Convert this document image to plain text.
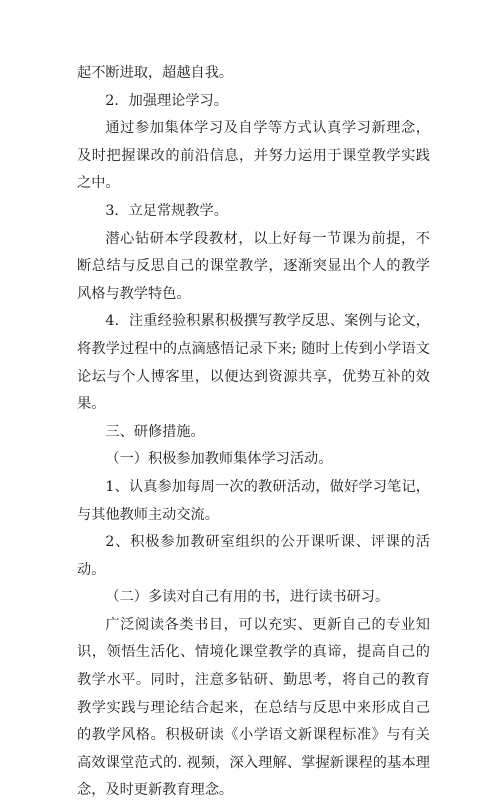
起不断进取，超越自我。

2．加强理论学习。

通过参加集体学习及自学等方式认真学习新理念，及时把握课改的前沿信息，并努力运用于课堂教学实践之中。

3．立足常规教学。

潜心钻研本学段教材，以上好每一节课为前提，不断总结与反思自己的课堂教学，逐渐突显出个人的教学风格与教学特色。

4．注重经验积累积极撰写教学反思、案例与论文，将教学过程中的点滴感悟记录下来; 随时上传到小学语文论坛与个人博客里，以便达到资源共享，优势互补的效果。

三、研修措施。

（一）积极参加教师集体学习活动。

1、认真参加每周一次的教研活动，做好学习笔记，与其他教师主动交流。

2、积极参加教研室组织的公开课听课、评课的活动。

（二）多读对自己有用的书，进行读书研习。

广泛阅读各类书目，可以充实、更新自己的专业知识，领悟生活化、情境化课堂教学的真谛，提高自己的教学水平。同时，注意多钻研、勤思考，将自己的教育教学实践与理论结合起来，在总结与反思中来形成自己的教学风格。积极研读《小学语文新课程标准》与有关高效课堂范式的. 视频，深入理解、掌握新课程的基本理念，及时更新教育理念。
